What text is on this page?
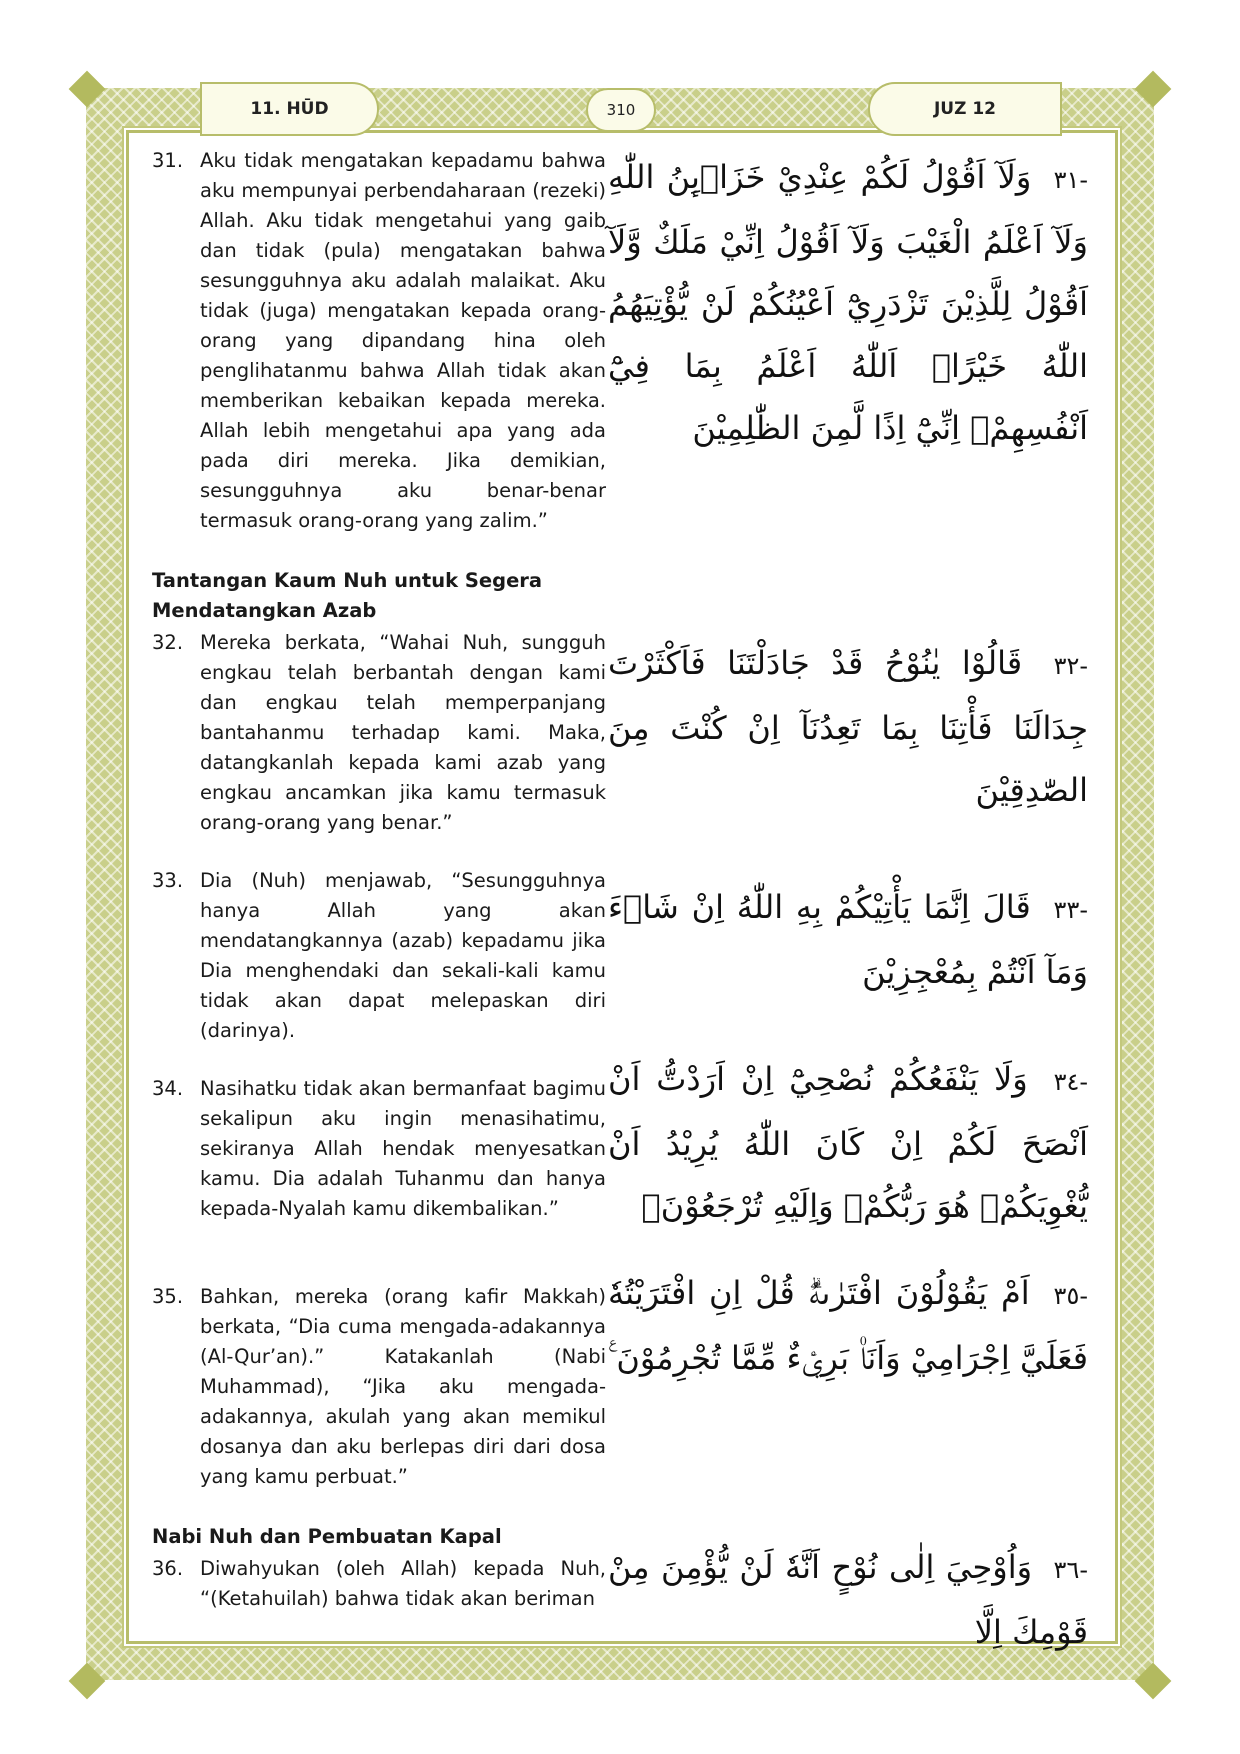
11. HŪD	310	JUZ 12
31. Aku tidak mengatakan kepadamu bahwa aku mempunyai perbendaharaan (rezeki) Allah. Aku tidak mengetahui yang gaib dan tidak (pula) mengatakan bahwa sesungguhnya aku adalah malaikat. Aku tidak (juga) mengatakan kepada orang-orang yang dipandang hina oleh penglihatanmu bahwa Allah tidak akan memberikan kebaikan kepada mereka. Allah lebih mengetahui apa yang ada pada diri mereka. Jika demikian, sesungguhnya aku benar-benar termasuk orang-orang yang zalim.”
Tantangan Kaum Nuh untuk Segera Mendatangkan Azab
32. Mereka berkata, “Wahai Nuh, sungguh engkau telah berbantah dengan kami dan engkau telah memperpanjang bantahanmu terhadap kami. Maka, datangkanlah kepada kami azab yang engkau ancamkan jika kamu termasuk orang-orang yang benar.”
33. Dia (Nuh) menjawab, “Sesungguhnya hanya Allah yang akan mendatangkannya (azab) kepadamu jika Dia menghendaki dan sekali-kali kamu tidak akan dapat melepaskan diri (darinya).
34. Nasihatku tidak akan bermanfaat bagimu sekalipun aku ingin menasihatimu, sekiranya Allah hendak menyesatkan kamu. Dia adalah Tuhanmu dan hanya kepada-Nyalah kamu dikembalikan.”
35. Bahkan, mereka (orang kafir Makkah) berkata, “Dia cuma mengada-adakannya (Al-Qur’an).” Katakanlah (Nabi Muhammad), “Jika aku mengada-adakannya, akulah yang akan memikul dosanya dan aku berlepas diri dari dosa yang kamu perbuat.”
Nabi Nuh dan Pembuatan Kapal
36. Diwahyukan (oleh Allah) kepada Nuh, “(Ketahuilah) bahwa tidak akan beriman
-٣١ وَلَآ اَقُوْلُ لَكُمْ عِنْدِيْ خَزَاۤىِٕنُ اللّٰهِ وَلَآ اَعْلَمُ الْغَيْبَ وَلَآ اَقُوْلُ اِنِّيْ مَلَكٌ وَّلَآ اَقُوْلُ لِلَّذِيْنَ تَزْدَرِيْٓ اَعْيُنُكُمْ لَنْ يُّؤْتِيَهُمُ اللّٰهُ خَيْرًاۗ اَللّٰهُ اَعْلَمُ بِمَا فِيْٓ اَنْفُسِهِمْۚ اِنِّيْٓ اِذًا لَّمِنَ الظّٰلِمِيْنَ
-٣٢ قَالُوْا يٰنُوْحُ قَدْ جَادَلْتَنَا فَاَكْثَرْتَ جِدَالَنَا فَأْتِنَا بِمَا تَعِدُنَآ اِنْ كُنْتَ مِنَ الصّٰدِقِيْنَ
-٣٣ قَالَ اِنَّمَا يَأْتِيْكُمْ بِهِ اللّٰهُ اِنْ شَاۤءَ وَمَآ اَنْتُمْ بِمُعْجِزِيْنَ
-٣٤ وَلَا يَنْفَعُكُمْ نُصْحِيْٓ اِنْ اَرَدْتُّ اَنْ اَنْصَحَ لَكُمْ اِنْ كَانَ اللّٰهُ يُرِيْدُ اَنْ يُّغْوِيَكُمْۗ هُوَ رَبُّكُمْۗ وَاِلَيْهِ تُرْجَعُوْنَۗ
-٣٥ اَمْ يَقُوْلُوْنَ افْتَرٰىهُۗ قُلْ اِنِ افْتَرَيْتُهٗ فَعَلَيَّ اِجْرَامِيْ وَاَنَا۠ بَرِيْۤءٌ مِّمَّا تُجْرِمُوْنَ ࣖ
-٣٦ وَاُوْحِيَ اِلٰى نُوْحٍ اَنَّهٗ لَنْ يُّؤْمِنَ مِنْ قَوْمِكَ اِلَّا
